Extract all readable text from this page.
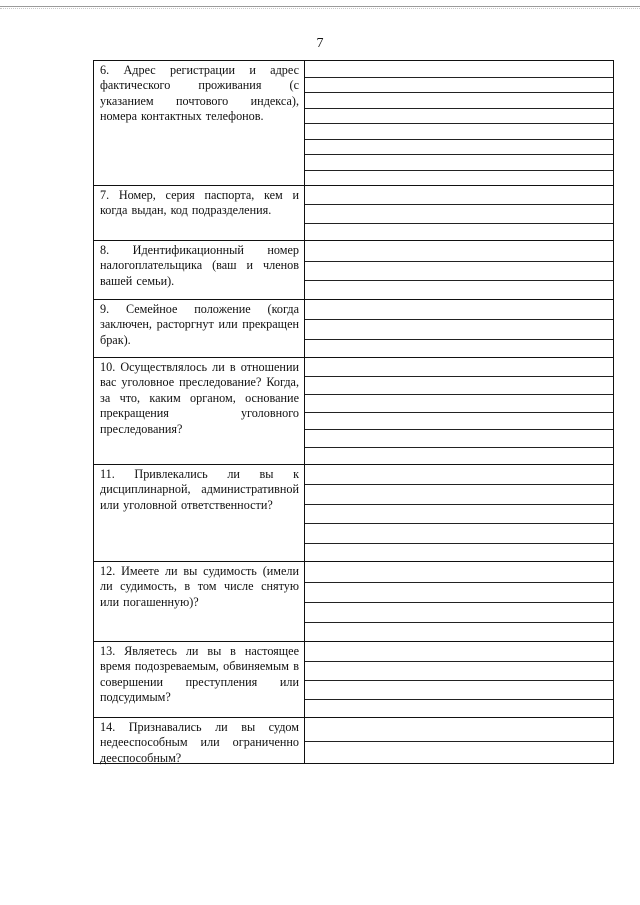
7
6. Адрес регистрации и адрес фактического проживания (с указанием почтового индекса), номера контактных телефонов.
7. Номер, серия паспорта, кем и когда выдан, код подразделения.
8. Идентификационный номер налогоплательщика (ваш и членов вашей семьи).
9. Семейное положение (когда заключен, расторгнут или прекращен брак).
10. Осуществлялось ли в отношении вас уголовное преследование? Когда, за что, каким органом, основание прекращения уголовного преследования?
11. Привлекались ли вы к дисциплинарной, административной или уголовной ответственности?
12. Имеете ли вы судимость (имели ли судимость, в том числе снятую или погашенную)?
13. Являетесь ли вы в настоящее время подозреваемым, обвиняемым в совершении преступления или подсудимым?
14. Признавались ли вы судом недееспособным или ограниченно дееспособным?
